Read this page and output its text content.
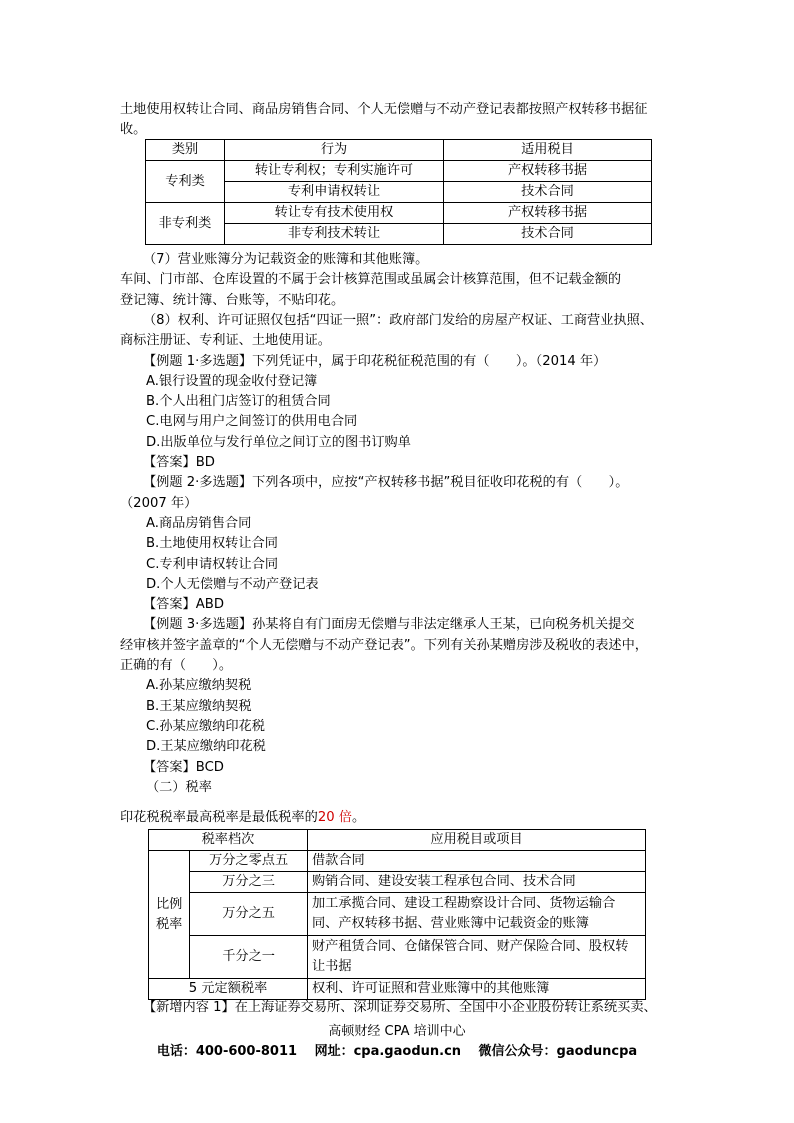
土地使用权转让合同、商品房销售合同、个人无偿赠与不动产登记表都按照产权转移书据征
收。
类别	行为	适用税目
专利类	转让专利权；专利实施许可	产权转移书据
	专利申请权转让	技术合同
非专利类	转让专有技术使用权	产权转移书据
	非专利技术转让	技术合同
（7）营业账簿分为记载资金的账簿和其他账簿。
车间、门市部、仓库设置的不属于会计核算范围或虽属会计核算范围，但不记载金额的
登记簿、统计簿、台账等，不贴印花。
（8）权利、许可证照仅包括“四证一照”：政府部门发给的房屋产权证、工商营业执照、
商标注册证、专利证、土地使用证。
【例题 1·多选题】下列凭证中，属于印花税征税范围的有（　　）。（2014 年）
A.银行设置的现金收付登记簿
B.个人出租门店签订的租赁合同
C.电网与用户之间签订的供用电合同
D.出版单位与发行单位之间订立的图书订购单
【答案】BD
【例题 2·多选题】下列各项中，应按“产权转移书据”税目征收印花税的有（　　）。
（2007 年）
A.商品房销售合同
B.土地使用权转让合同
C.专利申请权转让合同
D.个人无偿赠与不动产登记表
【答案】ABD
【例题 3·多选题】孙某将自有门面房无偿赠与非法定继承人王某，已向税务机关提交
经审核并签字盖章的“个人无偿赠与不动产登记表”。下列有关孙某赠房涉及税收的表述中，
正确的有（　　）。
A.孙某应缴纳契税
B.王某应缴纳契税
C.孙某应缴纳印花税
D.王某应缴纳印花税
【答案】BCD
（二）税率
印花税税率最高税率是最低税率的20 倍。
税率档次		应用税目或项目
比例
税率	万分之零点五	借款合同
	万分之三	购销合同、建设安装工程承包合同、技术合同
	万分之五	加工承揽合同、建设工程勘察设计合同、货物运输合同、产权转移书据、营业账簿中记载资金的账簿
	千分之一	财产租赁合同、仓储保管合同、财产保险合同、股权转让书据
5 元定额税率		权利、许可证照和营业账簿中的其他账簿
【新增内容 1】在上海证券交易所、深圳证券交易所、全国中小企业股份转让系统买卖、
高顿财经 CPA 培训中心
电话：400-600-8011　 网址：cpa.gaodun.cn　 微信公众号：gaoduncpa
